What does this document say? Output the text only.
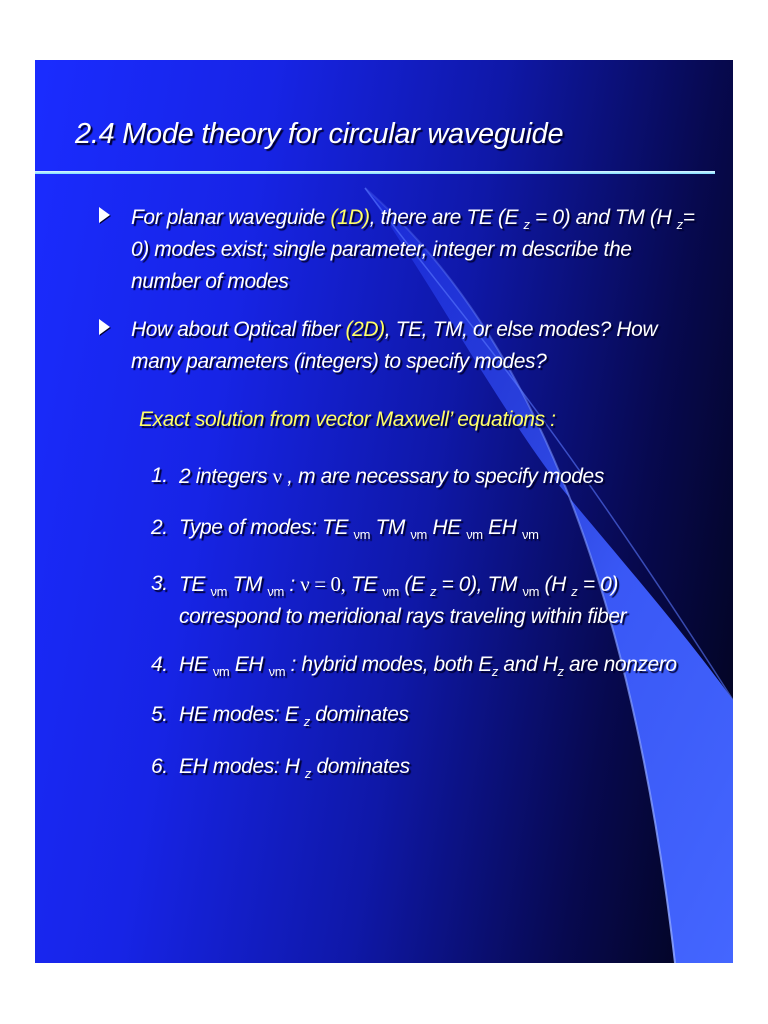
2.4 Mode theory for circular waveguide
For planar waveguide (1D), there are TE (E $_z$ = 0) and TM (H $_z$= 0) modes exist; single parameter, integer m describe the number of modes
How about Optical fiber (2D), TE, TM, or else modes? How many parameters (integers) to specify modes?
Exact solution from vector Maxwell’ equations :
1. 2 integers ν , m are necessary to specify modes
2. Type of modes: TE $_{\nu m}$ TM $_{\nu m}$ HE $_{\nu m}$ EH $_{\nu m}$
3. TE $_{\nu m}$ TM $_{\nu m}$ : ν = 0, TE $_{\nu m}$ (E $_z$ = 0), TM $_{\nu m}$ (H $_z$ = 0) correspond to meridional rays traveling within fiber
4. HE $_{\nu m}$ EH $_{\nu m}$ : hybrid modes, both $E_z$ and $H_z$ are nonzero
5. HE modes: E $_z$ dominates
6. EH modes: H $_z$ dominates
